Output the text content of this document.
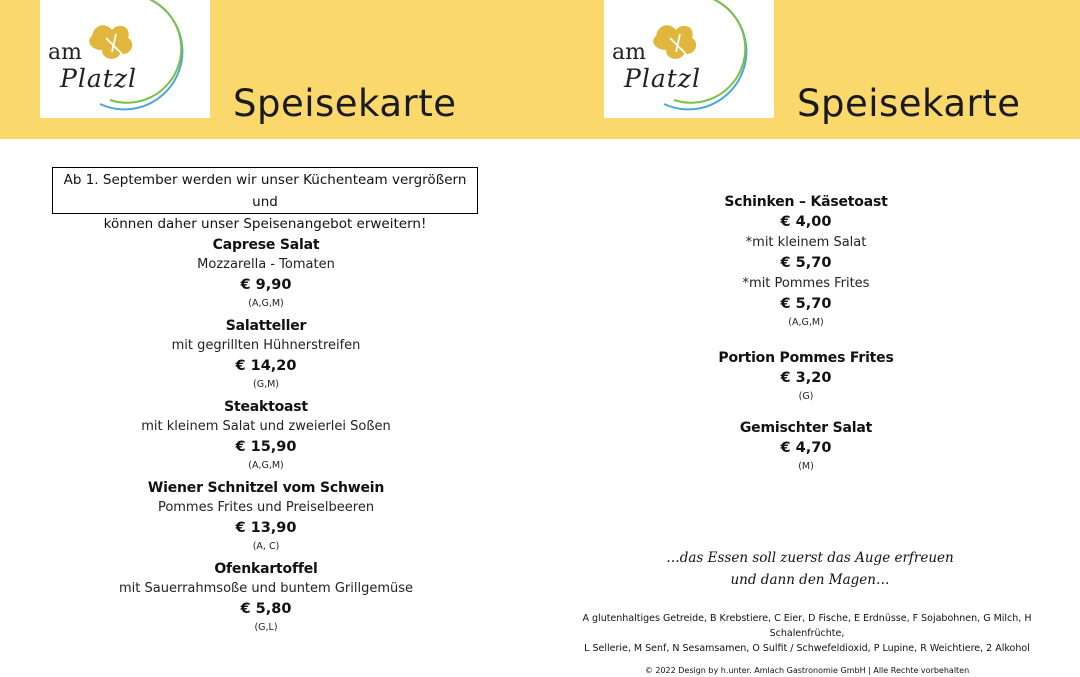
am
Platzl
Speisekarte
am
Platzl
Speisekarte
Ab 1. September werden wir unser Küchenteam vergrößern und
können daher unser Speisenangebot erweitern!
Caprese Salat
Mozzarella - Tomaten
€ 9,90
(A,G,M)
Salatteller
mit gegrillten Hühnerstreifen
€ 14,20
(G,M)
Steaktoast
mit kleinem Salat und zweierlei Soßen
€ 15,90
(A,G,M)
Wiener Schnitzel vom Schwein
Pommes Frites und Preiselbeeren
€ 13,90
(A, C)
Ofenkartoffel
mit Sauerrahmsoße und buntem Grillgemüse
€ 5,80
(G,L)
Schinken – Käsetoast
€ 4,00
*mit kleinem Salat
€ 5,70
*mit Pommes Frites
€ 5,70
(A,G,M)
Portion Pommes Frites
€ 3,20
(G)
Gemischter Salat
€ 4,70
(M)
…das Essen soll zuerst das Auge erfreuen
und dann den Magen…
A glutenhaltiges Getreide, B Krebstiere, C Eier, D Fische, E Erdnüsse, F Sojabohnen, G Milch, H Schalenfrüchte,
L Sellerie, M Senf, N Sesamsamen, O Sulfit / Schwefeldioxid, P Lupine, R Weichtiere, 2 Alkohol
© 2022 Design by h.unter. Amlach Gastronomie GmbH | Alle Rechte vorbehalten
